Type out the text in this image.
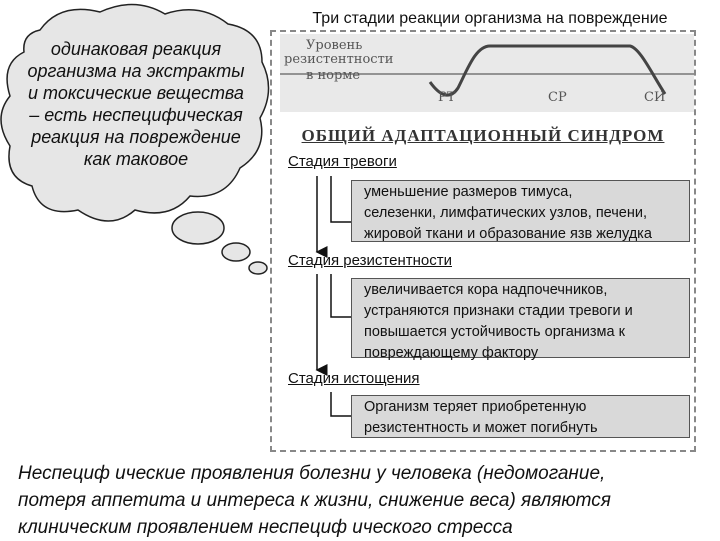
одинаковая реакция
организма на экстракты
и токсические вещества
– есть неспецифическая
реакция на повреждение
как таковое
Три стадии реакции организма на повреждение
Уровень
резистентности
в норме
РТ	СР	СИ
ОБЩИЙ АДАПТАЦИОННЫЙ СИНДРОМ
Стадия тревоги
уменьшение размеров тимуса,
селезенки, лимфатических узлов, печени,
жировой ткани и образование язв желудка
Стадия резистентности
увеличивается кора надпочечников,
устраняются признаки стадии тревоги и
повышается устойчивость организма к
повреждающему фактору
Стадия истощения
Организм теряет приобретенную
резистентность и может погибнуть
Неспециф ические проявления болезни у человека (недомогание,
потеря аппетита и интереса к жизни, снижение веса) являются
клиническим проявлением неспециф ического стресса
